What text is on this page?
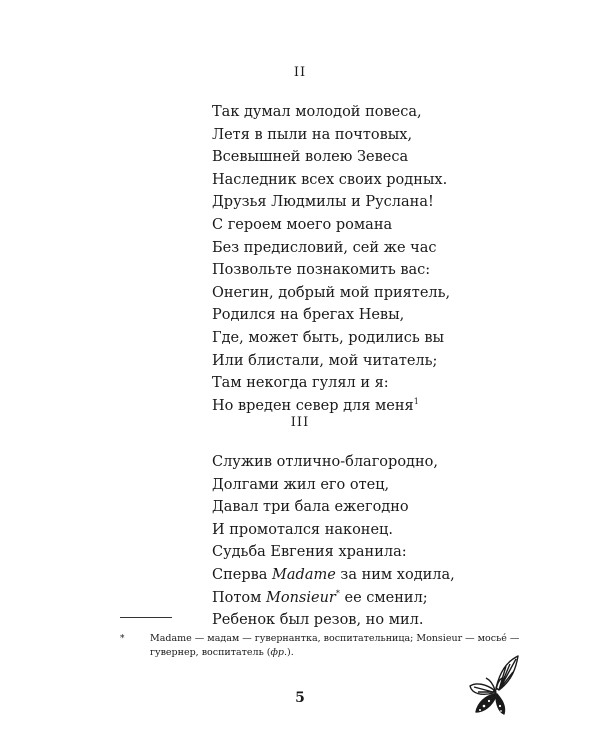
II
Так думал молодой повеса,
Летя в пыли на почтовых,
Всевышней волею Зевеса
Наследник всех своих родных.
Друзья Людмилы и Руслана!
С героем моего романа
Без предисловий, сей же час
Позвольте познакомить вас:
Онегин, добрый мой приятель,
Родился на брегах Невы,
Где, может быть, родились вы
Или блистали, мой читатель;
Там некогда гулял и я:
Но вреден север для меня$^1$
III
Служив отлично-благородно,
Долгами жил его отец,
Давал три бала ежегодно
И промотался наконец.
Судьба Евгения хранила:
Сперва Madame за ним ходила,
Потом Monsieur* ее сменил;
Ребенок был резов, но мил.
*	Madame — мадам — гувернантка, воспитательница; Monsieur — мосьé —
гувернер, воспитатель (фр.).
5
